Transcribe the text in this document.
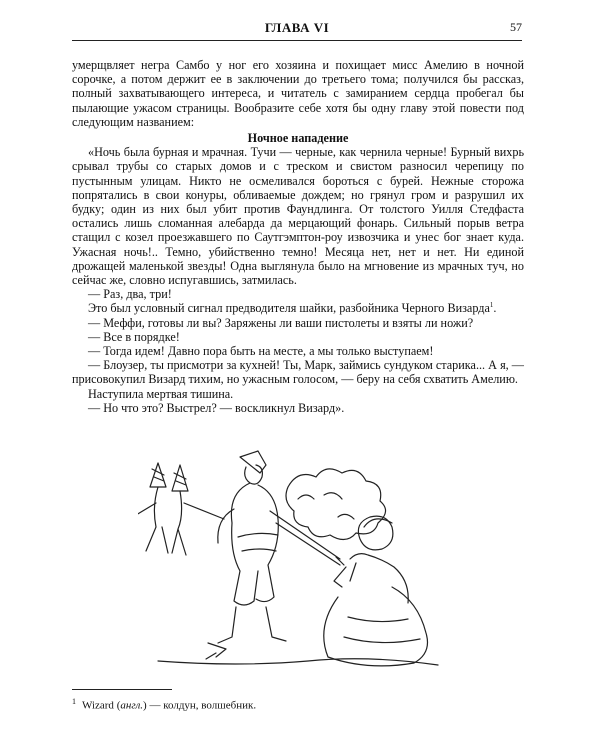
ГЛАВА VI	57

умерщвляет негра Самбо у ног его хозяина и похищает мисс Амелию в ночной сорочке, а потом держит ее в заключении до третьего тома; получился бы рассказ, полный захватывающего интереса, и читатель с замиранием сердца пробегал бы пылающие ужасом страницы. Вообразите себе хотя бы одну главу этой повести под следующим названием:

Ночное нападение

«Ночь была бурная и мрачная. Тучи — черные, как чернила черные! Бурный вихрь срывал трубы со старых домов и с треском и свистом разносил черепицу по пустынным улицам. Никто не осмеливался бороться с бурей. Нежные сторожа попрятались в свои конуры, обливаемые дождем; но грянул гром и разрушил их будку; один из них был убит против Фаундлинга. От толстого Уилля Стедфаста остались лишь сломанная алебарда да мерцающий фонарь. Сильный порыв ветра стащил с козел проезжавшего по Саутгэмптон-роу извозчика и унес бог знает куда. Ужасная ночь!.. Темно, убийственно темно! Месяца нет, нет и нет. Ни единой дрожащей маленькой звезды! Одна выглянула было на мгновение из мрачных туч, но сейчас же, словно испугавшись, затмилась.

— Раз, два, три!

Это был условный сигнал предводителя шайки, разбойника Черного Визарда$^1$.

— Меффи, готовы ли вы? Заряжены ли ваши пистолеты и взяты ли ножи?

— Все в порядке!

— Тогда идем! Давно пора быть на месте, а мы только выступаем!

— Блоузер, ты присмотри за кухней! Ты, Марк, займись сундуком старика... А я, — присовокупил Визард тихим, но ужасным голосом, — беру на себя схватить Амелию.

Наступила мертвая тишина.

— Но что это? Выстрел? — воскликнул Визард».

$^1$ Wizard (англ.) — колдун, волшебник.
